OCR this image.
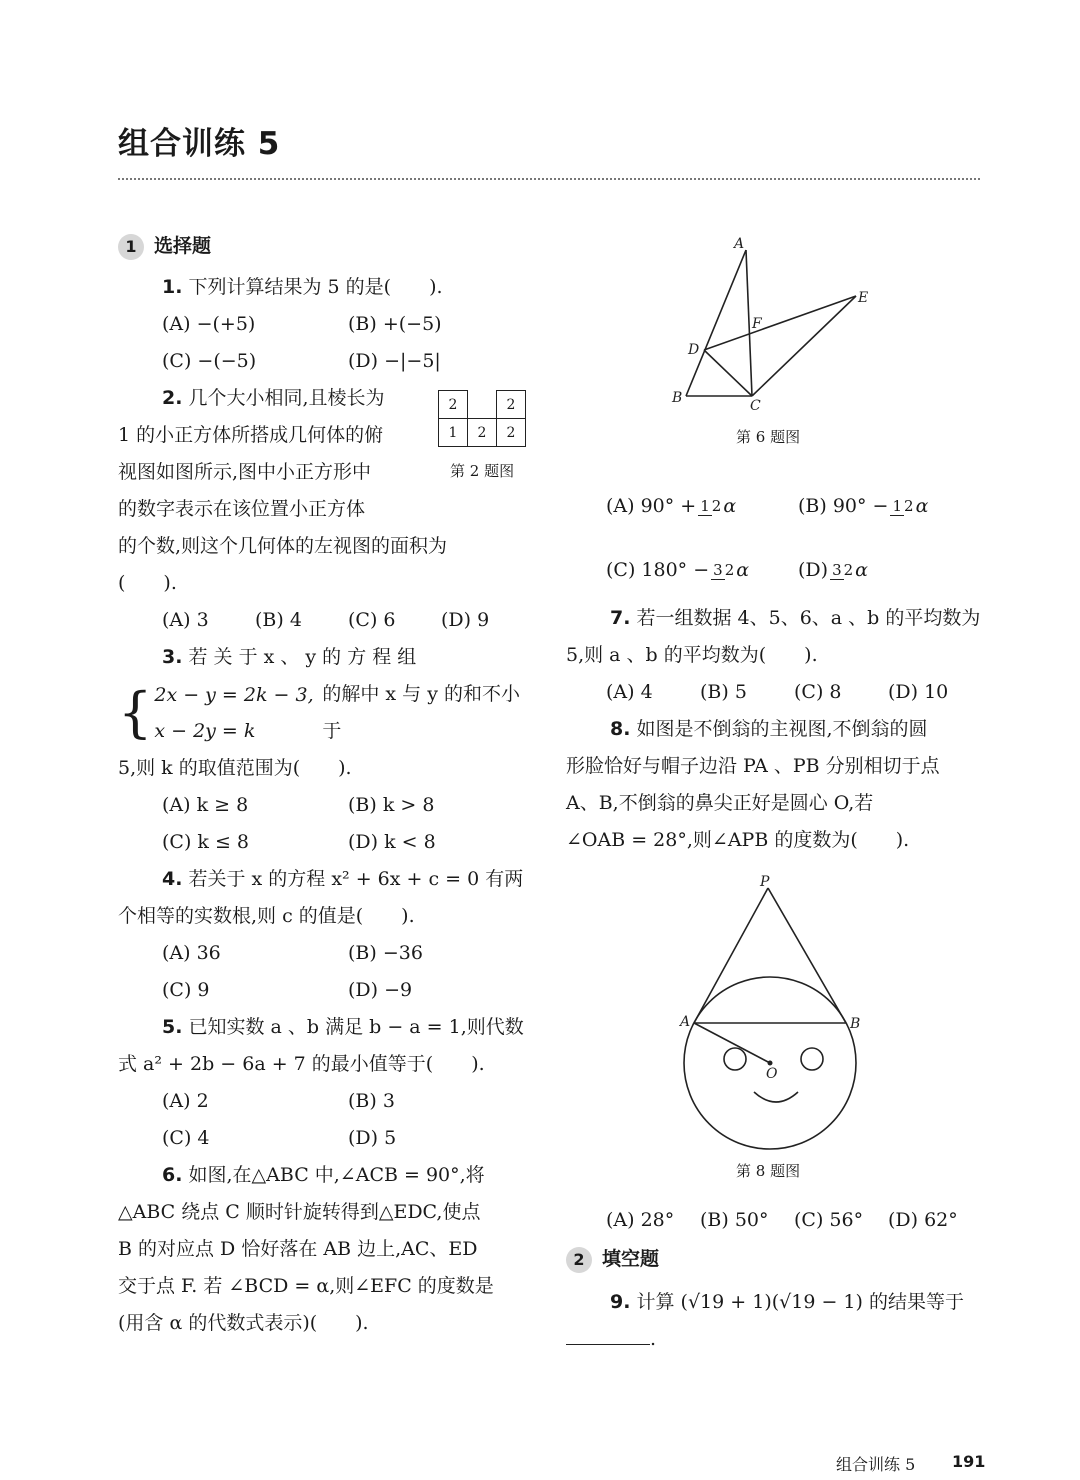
组合训练 5
1 选择题
1. 下列计算结果为 5 的是(　　).
(A) −(+5)	(B) +(−5)
(C) −(−5)	(D) −|−5|
2. 几个大小相同,且棱长为
1 的小正方体所搭成几何体的俯
视图如图所示,图中小正方形中
的数字表示在该位置小正方体
2		2
1	2	2
第 2 题图
的个数,则这个几何体的左视图的面积为
(　　).
(A) 3	(B) 4	(C) 6	(D) 9
3. 若 关 于 x 、 y 的 方 程 组
{ 2x − y = 2k − 3,
x − 2y = k
的解中 x 与 y 的和不小于
5,则 k 的取值范围为(　　).
(A) k ≥ 8	(B) k > 8
(C) k ≤ 8	(D) k < 8
4. 若关于 x 的方程 x² + 6x + c = 0 有两
个相等的实数根,则 c 的值是(　　).
(A) 36	(B) −36
(C) 9	(D) −9
5. 已知实数 a 、b 满足 b − a = 1,则代数
式 a² + 2b − 6a + 7 的最小值等于(　　).
(A) 2	(B) 3
(C) 4	(D) 5
6. 如图,在△ABC 中,∠ACB = 90°,将
△ABC 绕点 C 顺时针旋转得到△EDC,使点
B 的对应点 D 恰好落在 AB 边上,AC、ED
交于点 F. 若 ∠BCD = α,则∠EFC 的度数是
(用含 α 的代数式表示)(　　).
A
B	C
D
E
F
第 6 题图
(A) 90° + 1 2 α	(B) 90° − 1 2 α
(C) 180° − 3 2 α	(D) 3 2 α
7. 若一组数据 4、5、6、a 、b 的平均数为
5,则 a 、b 的平均数为(　　).
(A) 4	(B) 5	(C) 8	(D) 10
8. 如图是不倒翁的主视图,不倒翁的圆
形脸恰好与帽子边沿 PA 、PB 分别相切于点
A、B,不倒翁的鼻尖正好是圆心 O,若
∠OAB = 28°,则∠APB 的度数为(　　).
P
A	B
O
第 8 题图
(A) 28°	(B) 50°	(C) 56°	(D) 62°
2 填空题
9. 计算 (√19 + 1)(√19 − 1) 的结果等于
.
组合训练 5 191
